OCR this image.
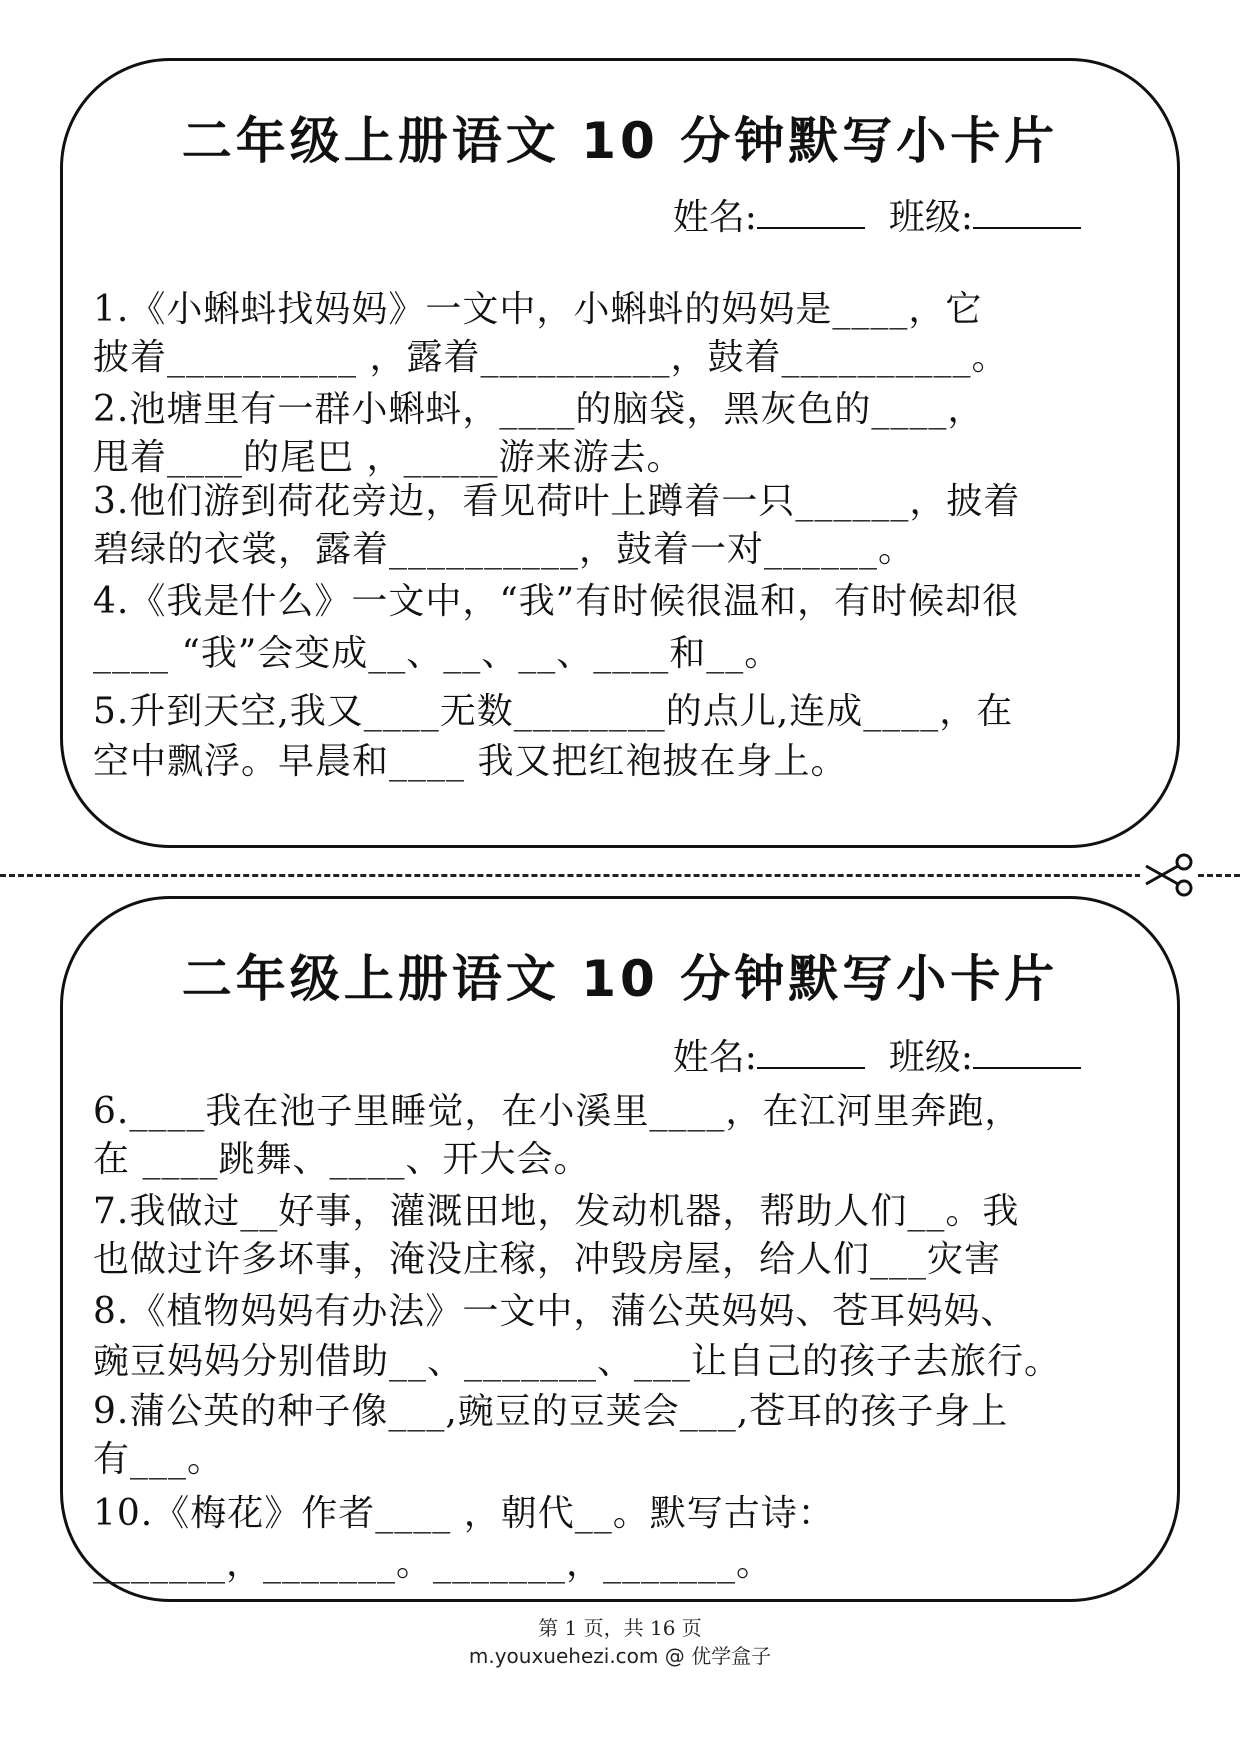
二年级上册语文 10 分钟默写小卡片
姓名:	班级:
1.《小蝌蚪找妈妈》一文中，小蝌蚪的妈妈是____，它
披着__________ ，露着__________，鼓着__________。
2.池塘里有一群小蝌蚪，____的脑袋，黑灰色的____，
甩着____的尾巴 ，_____游来游去。
3.他们游到荷花旁边，看见荷叶上蹲着一只______，披着
碧绿的衣裳，露着__________，鼓着一对______。
4.《我是什么》一文中，“我”有时候很温和，有时候却很
____ “我”会变成__、__、__、____和__。
5.升到天空,我又____无数________的点儿,连成____，在
空中飘浮。早晨和____ 我又把红袍披在身上。
二年级上册语文 10 分钟默写小卡片
姓名:	班级:
6.____我在池子里睡觉，在小溪里____，在江河里奔跑，
在 ____跳舞、____、开大会。
7.我做过__好事，灌溉田地，发动机器，帮助人们__。我
也做过许多坏事，淹没庄稼，冲毁房屋，给人们___灾害
8.《植物妈妈有办法》一文中，蒲公英妈妈、苍耳妈妈、
豌豆妈妈分别借助__、_______、___让自己的孩子去旅行。
9.蒲公英的种子像___,豌豆的豆荚会___,苍耳的孩子身上
有___。
10.《梅花》作者____ ，朝代__。默写古诗：
_______，_______。_______，_______。
第 1 页，共 16 页
m.youxuehezi.com @ 优学盒子
